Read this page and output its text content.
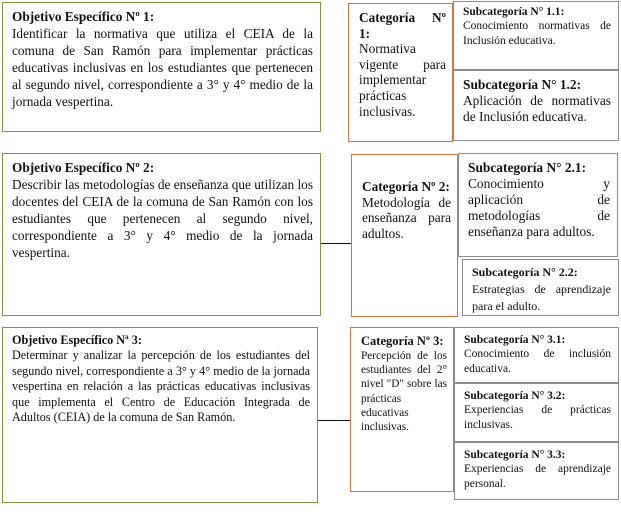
Objetivo Específico Nº 1:
Identificar la normativa que utiliza el CEIA de la comuna de San Ramón para implementar prácticas educativas inclusivas en los estudiantes que pertenecen al segundo nivel, correspondiente a 3° y 4° medio de la jornada vespertina.
Categoría Nº 1:
Normativa vigente para implementar prácticas inclusivas.
Subcategoría N° 1.1:
Conocimiento normativas de Inclusión educativa.
Subcategoría N° 1.2:
Aplicación de normativas de Inclusión educativa.
Objetivo Específico Nº 2:
Describir las metodologías de enseñanza que utilizan los docentes del CEIA de la comuna de San Ramón con los estudiantes que pertenecen al segundo nivel, correspondiente a 3° y 4° medio de la jornada vespertina.
Categoría Nº 2:
Metodología de enseñanza para adultos.
Subcategoría N° 2.1:
Conocimiento y aplicación de metodologías de enseñanza para adultos.
Subcategoría N° 2.2:
Estrategias de aprendizaje para el adulto.
Objetivo Específico Nª 3:
Determinar y analizar la percepción de los estudiantes del segundo nivel, correspondiente a 3° y 4° medio de la jornada vespertina en relación a las prácticas educativas inclusivas que implementa el Centro de Educación Integrada de Adultos (CEIA) de la comuna de San Ramón.
Categoría Nº 3:
Percepción de los estudiantes del 2° nivel "D" sobre las prácticas educativas inclusivas.
Subcategoría N° 3.1:
Conocimiento de inclusión educativa.
Subcategoría N° 3.2:
Experiencias de prácticas inclusivas.
Subcategoría N° 3.3:
Experiencias de aprendizaje personal.
